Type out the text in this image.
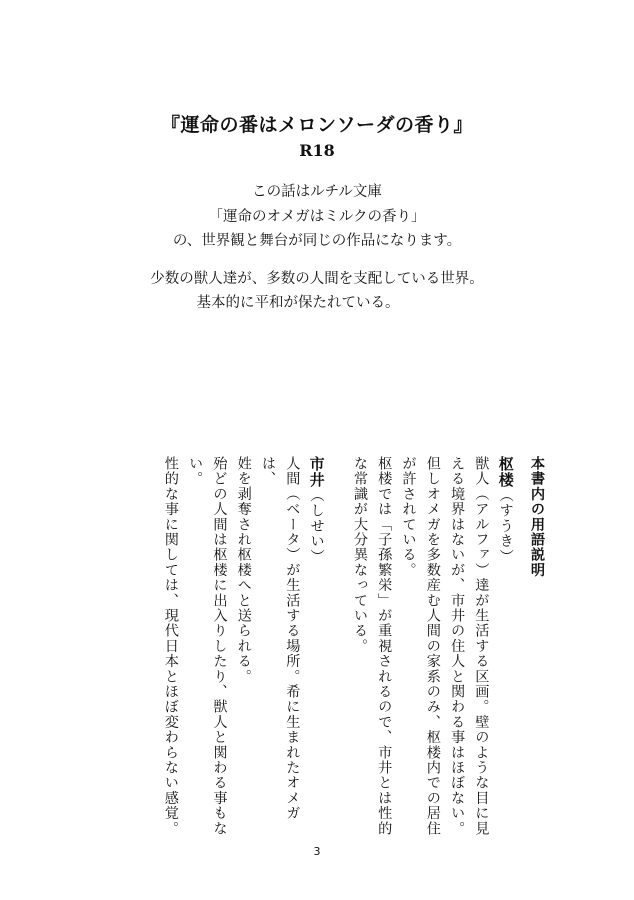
『運命の番はメロンソーダの香り』
R18
この話はルチル文庫
「運命のオメガはミルクの香り」
の、世界観と舞台が同じの作品になります。
少数の獣人達が、多数の人間を支配している世界。
基本的に平和が保たれている。

本書内の用語説明

枢楼（すうき）

獣人（アルファ）達が生活する区画。壁のような目に見

える境界はないが、市井の住人と関わる事はほぼない。

但しオメガを多数産む人間の家系のみ、枢楼内での居住

が許されている。

枢楼では「子孫繁栄」が重視されるので、市井とは性的

な常識が大分異なっている。

市井（しせい）

人間（ベータ）が生活する場所。希に生まれたオメガは、

姓を剥奪され枢楼へと送られる。

殆どの人間は枢楼に出入りしたり、獣人と関わる事もな

い。

性的な事に関しては、現代日本とほぼ変わらない感覚。

3
